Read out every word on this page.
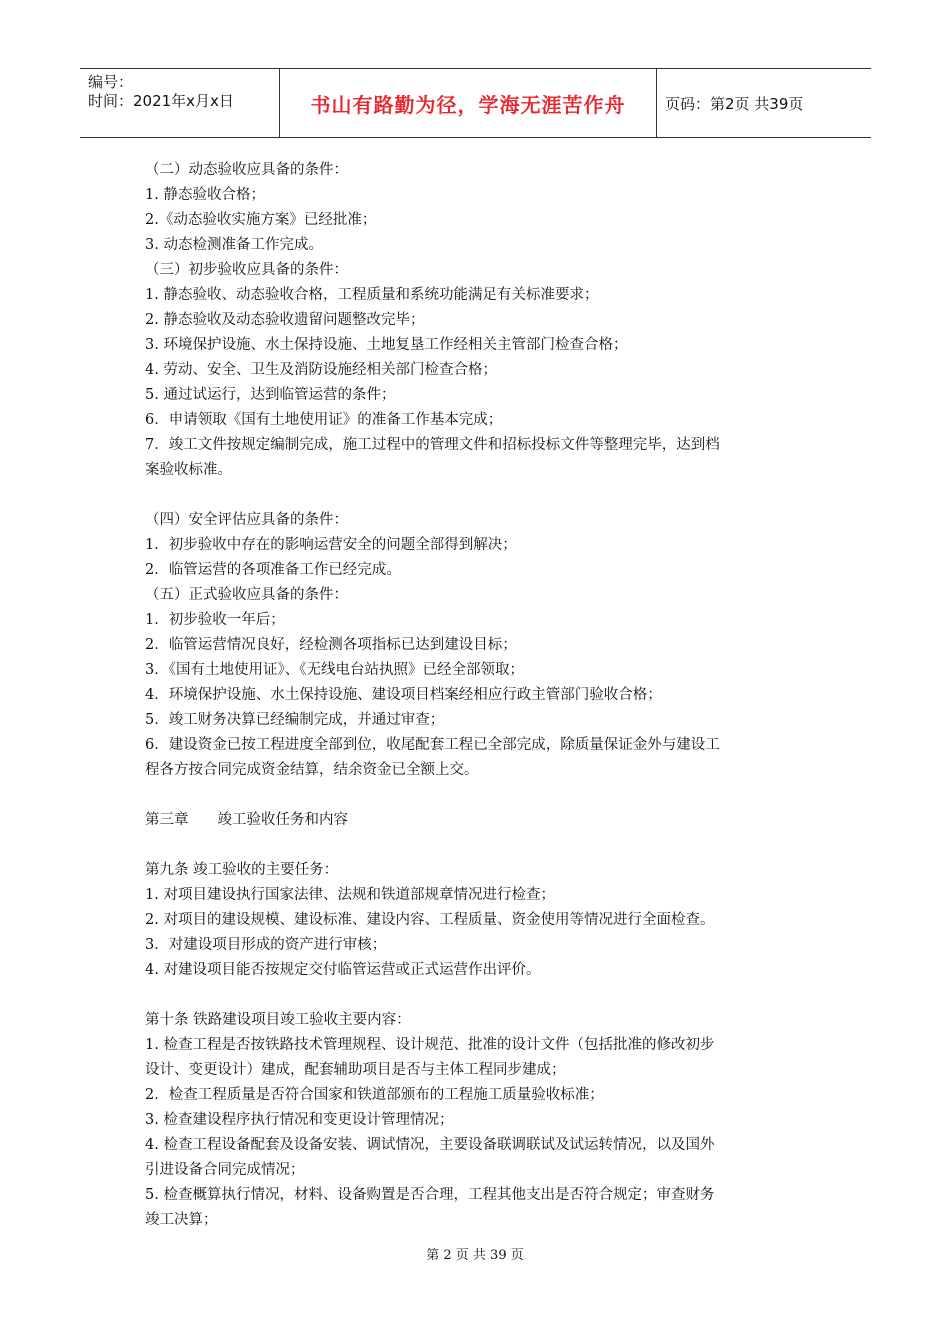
编号：
时间：2021年x月x日	书山有路勤为径，学海无涯苦作舟	页码：第2页 共39页
（二）动态验收应具备的条件：
1. 静态验收合格；
2.《动态验收实施方案》已经批准；
3. 动态检测准备工作完成。
（三）初步验收应具备的条件：
1. 静态验收、动态验收合格，工程质量和系统功能满足有关标准要求；
2. 静态验收及动态验收遗留问题整改完毕；
3. 环境保护设施、水土保持设施、土地复垦工作经相关主管部门检查合格；
4. 劳动、安全、卫生及消防设施经相关部门检查合格；
5. 通过试运行，达到临管运营的条件；
6．申请领取《国有土地使用证》的准备工作基本完成；
7．竣工文件按规定编制完成，施工过程中的管理文件和招标投标文件等整理完毕，达到档
案验收标准。
（四）安全评估应具备的条件：
1．初步验收中存在的影响运营安全的问题全部得到解决；
2．临管运营的各项准备工作已经完成。
（五）正式验收应具备的条件：
1．初步验收一年后；
2．临管运营情况良好，经检测各项指标已达到建设目标；
3．《国有土地使用证》、《无线电台站执照》已经全部领取；
4．环境保护设施、水土保持设施、建设项目档案经相应行政主管部门验收合格；
5．竣工财务决算已经编制完成，并通过审查；
6．建设资金已按工程进度全部到位，收尾配套工程已全部完成，除质量保证金外与建设工
程各方按合同完成资金结算，结余资金已全额上交。
第三章　　竣工验收任务和内容
第九条 竣工验收的主要任务：
1. 对项目建设执行国家法律、法规和铁道部规章情况进行检查；
2. 对项目的建设规模、建设标准、建设内容、工程质量、资金使用等情况进行全面检查。
3．对建设项目形成的资产进行审核；
4. 对建设项目能否按规定交付临管运营或正式运营作出评价。
第十条 铁路建设项目竣工验收主要内容：
1. 检查工程是否按铁路技术管理规程、设计规范、批准的设计文件（包括批准的修改初步
设计、变更设计）建成，配套辅助项目是否与主体工程同步建成；
2．检查工程质量是否符合国家和铁道部颁布的工程施工质量验收标准；
3. 检查建设程序执行情况和变更设计管理情况；
4. 检查工程设备配套及设备安装、调试情况，主要设备联调联试及试运转情况，以及国外
引进设备合同完成情况；
5. 检查概算执行情况，材料、设备购置是否合理，工程其他支出是否符合规定；审查财务
竣工决算；
第 2 页 共 39 页
